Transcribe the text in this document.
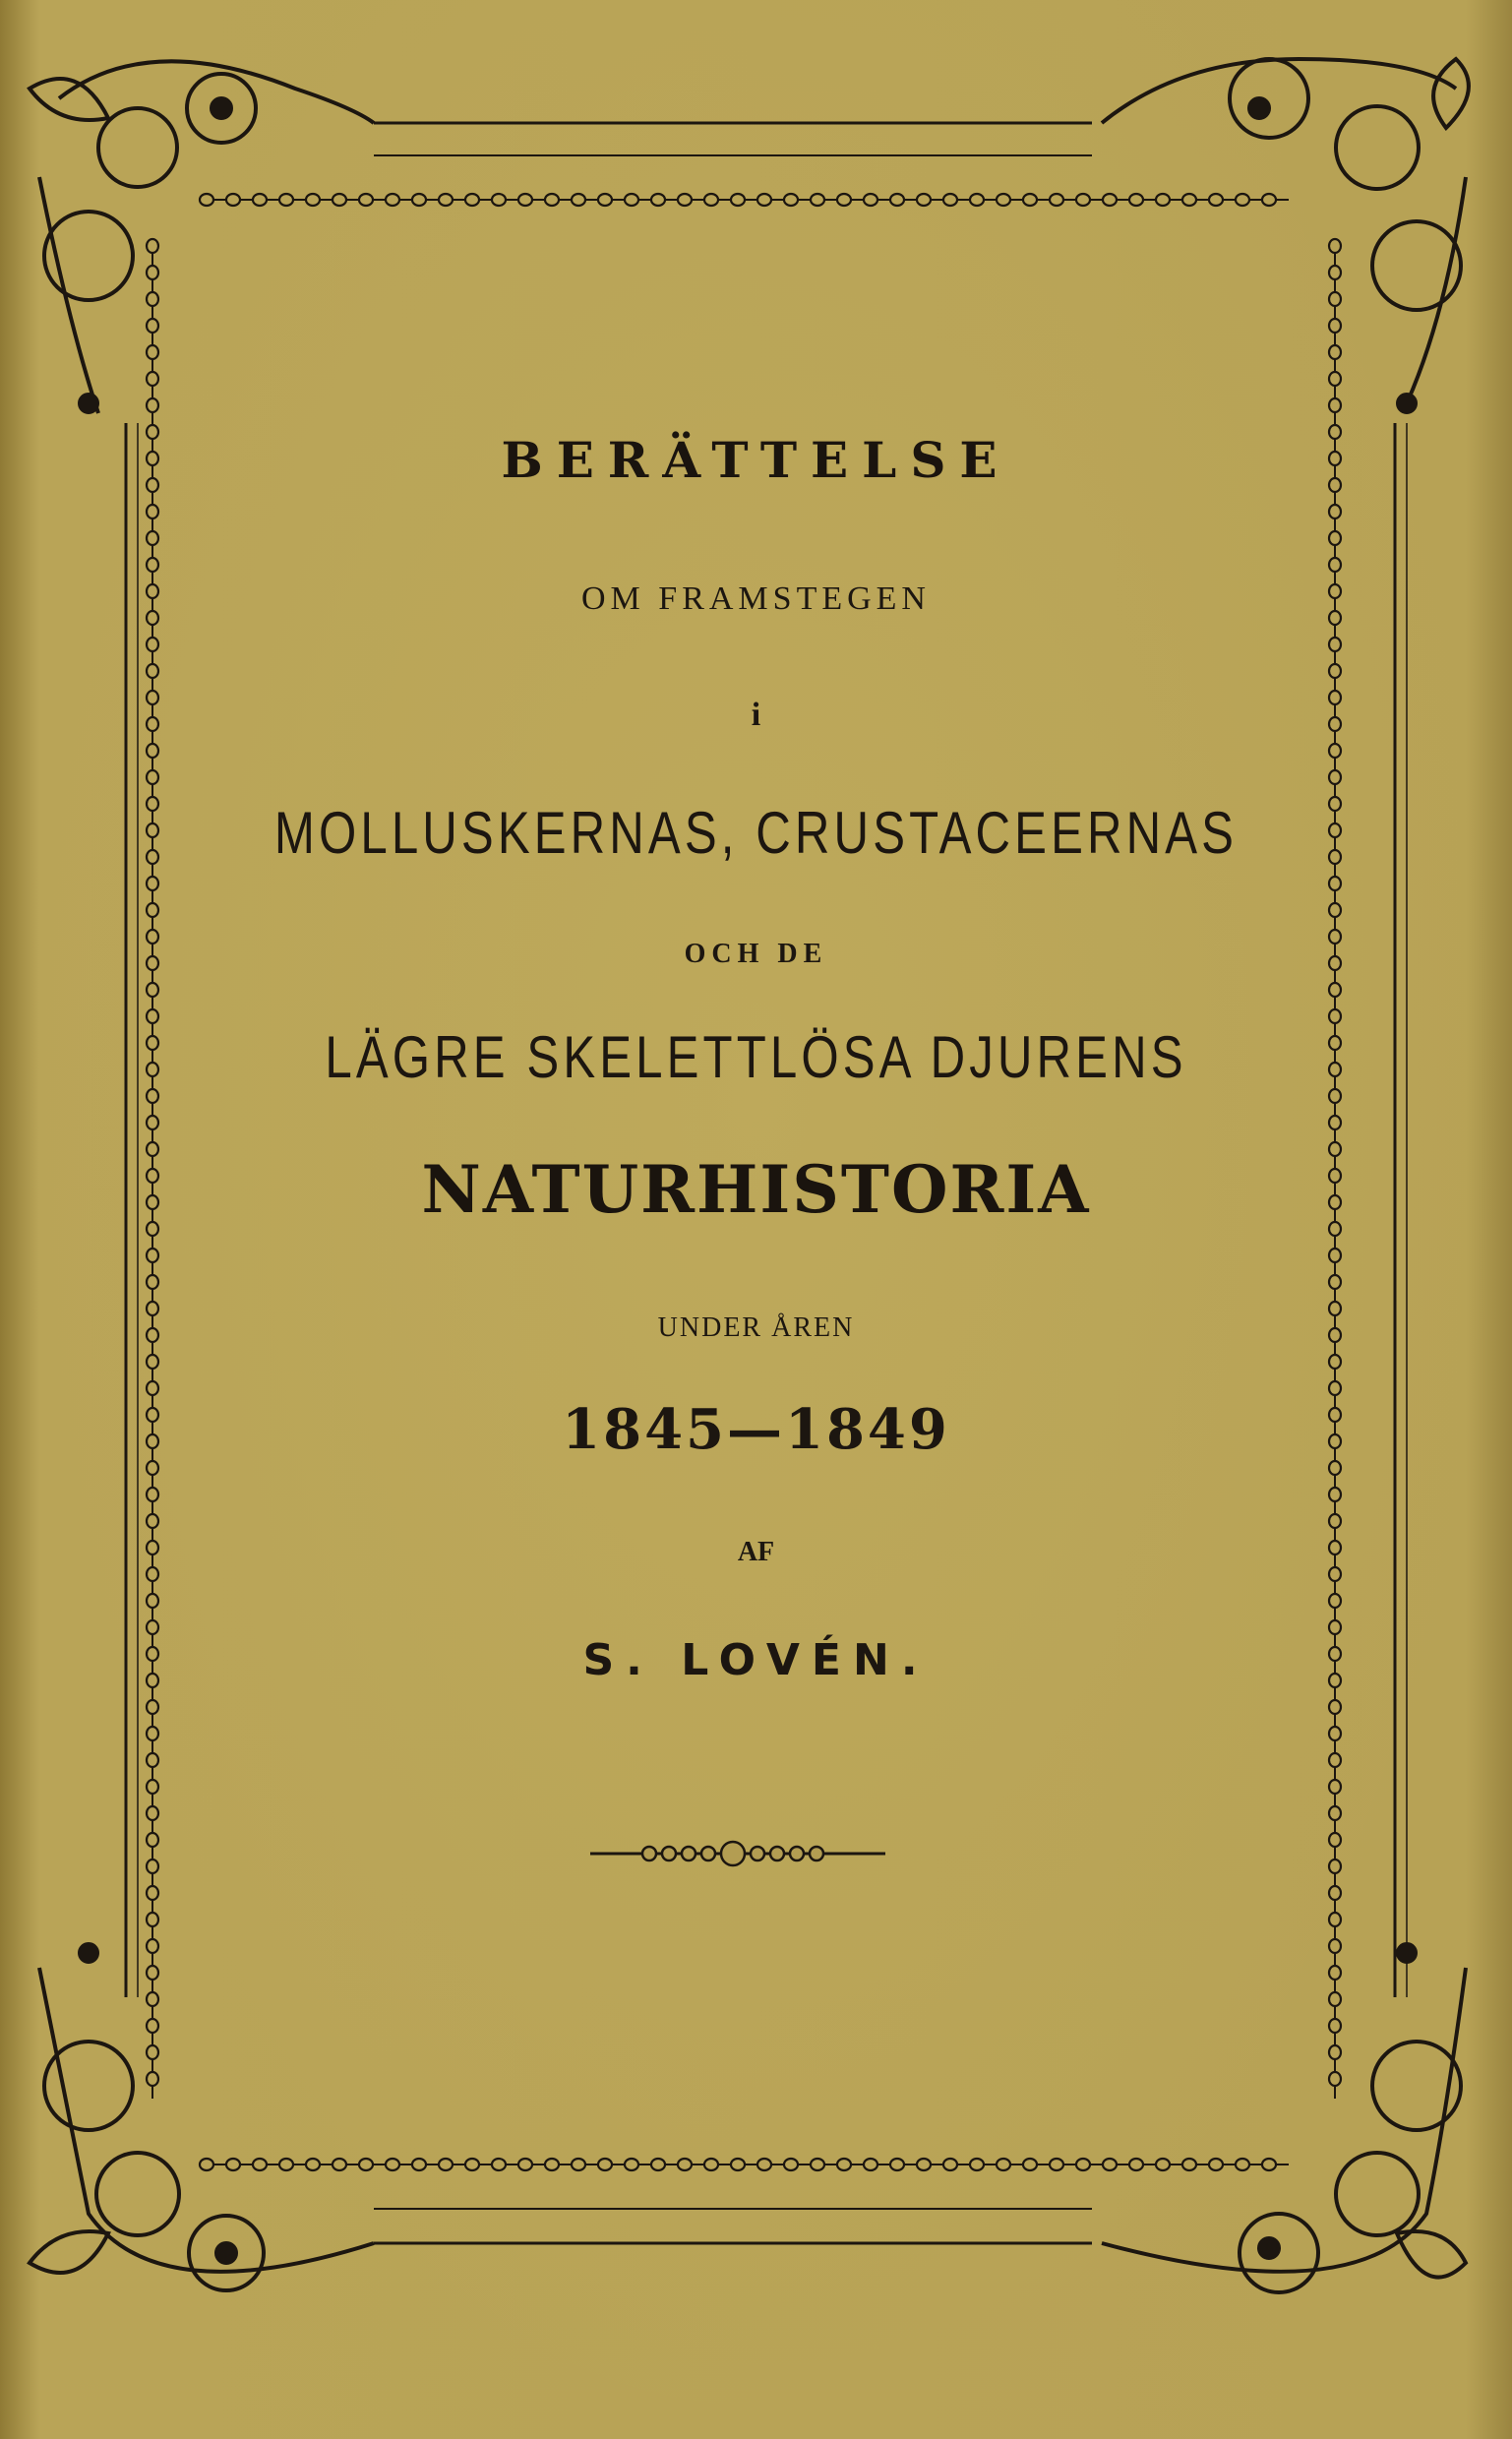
BERÄTTELSE
OM FRAMSTEGEN
i
MOLLUSKERNAS, CRUSTACEERNAS
OCH DE
LÄGRE SKELETTLÖSA DJURENS
NATURHISTORIA
UNDER ÅREN
1845—1849
AF
S. LOVÉN.
